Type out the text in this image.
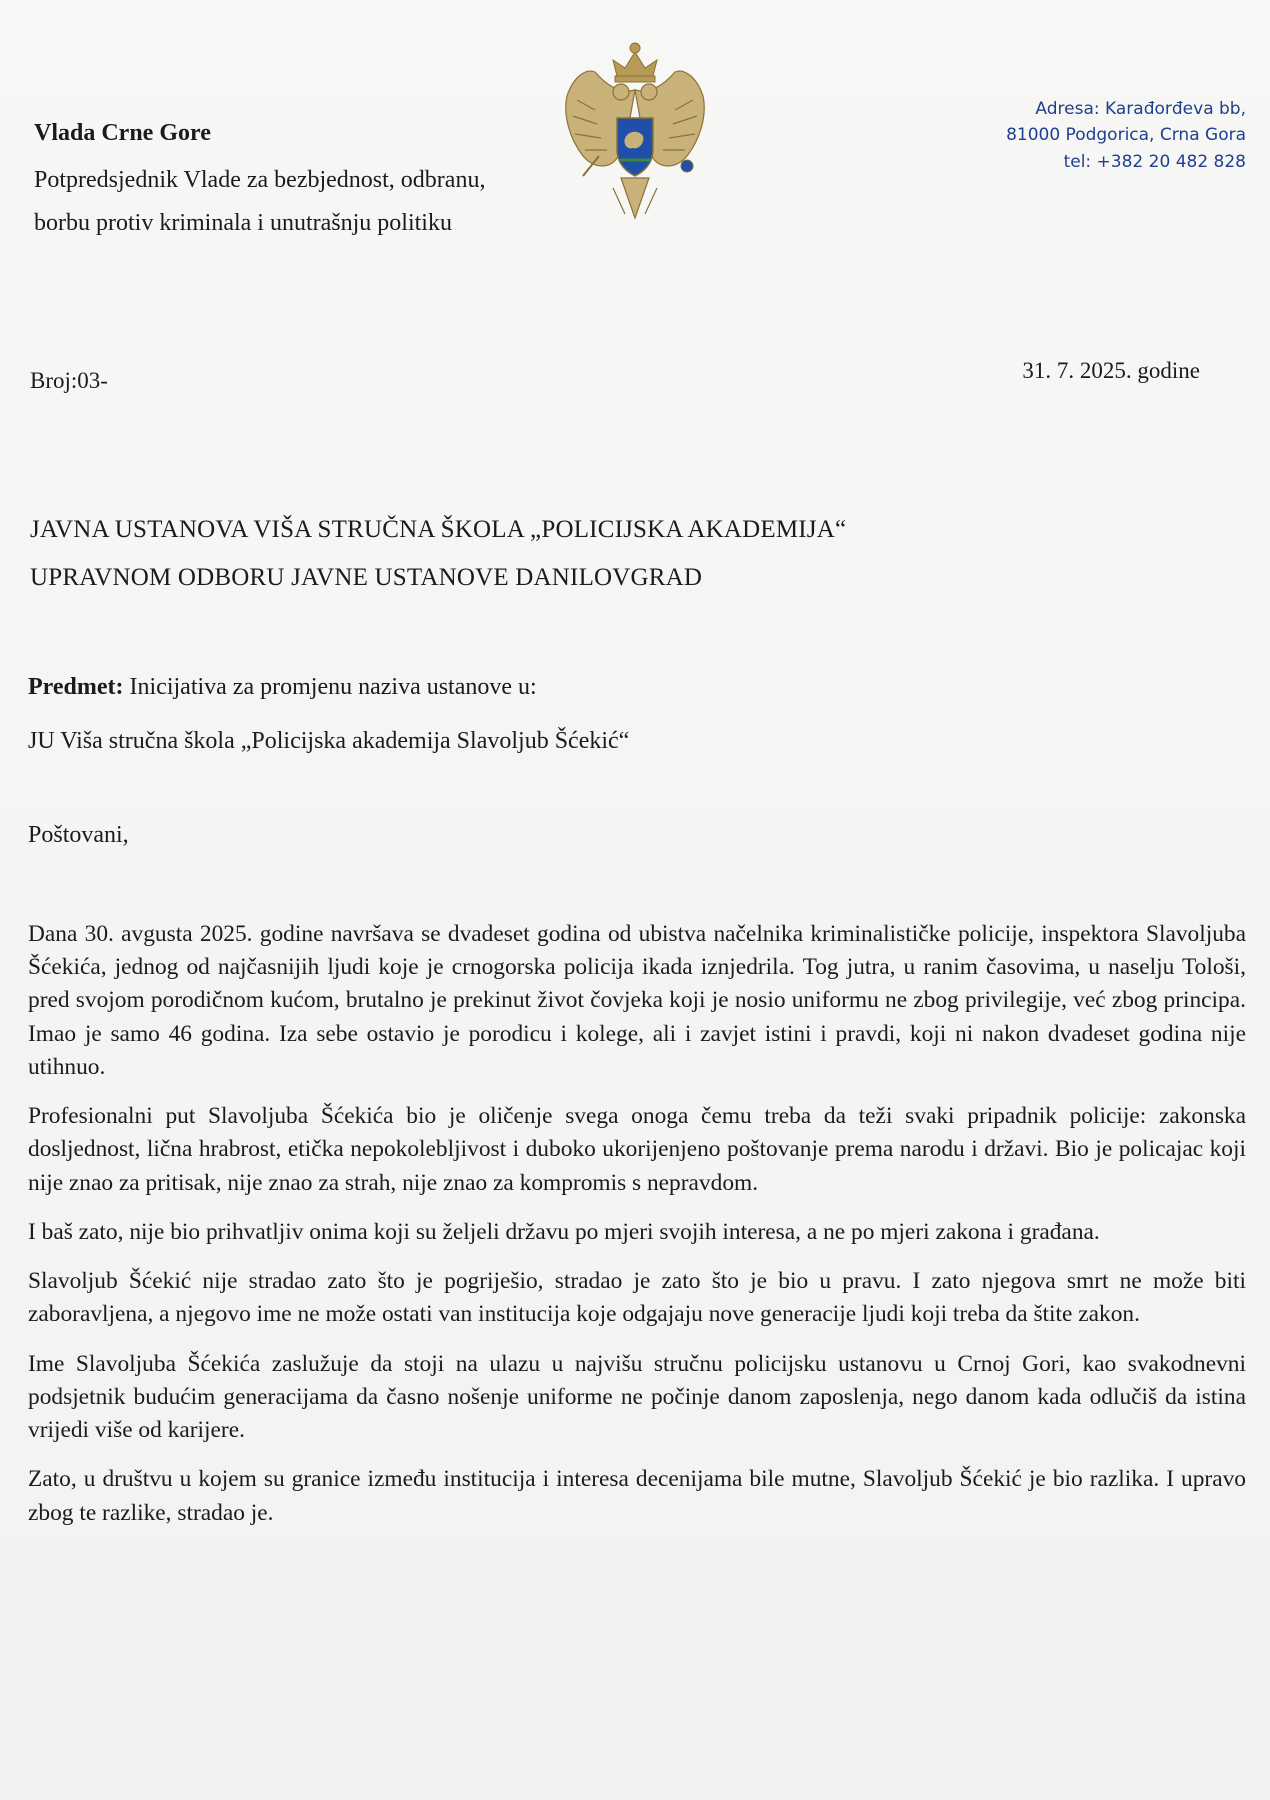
Vlada Crne Gore
Potpredsjednik Vlade za bezbjednost, odbranu,
borbu protiv kriminala i unutrašnju politiku
Adresa: Karađorđeva bb,
81000 Podgorica, Crna Gora
tel: +382 20 482 828
Broj:03-	31. 7. 2025. godine
JAVNA USTANOVA VIŠA STRUČNA ŠKOLA „POLICIJSKA AKADEMIJA“
UPRAVNOM ODBORU JAVNE USTANOVE DANILOVGRAD
Predmet: Inicijativa za promjenu naziva ustanove u:
JU Viša stručna škola „Policijska akademija Slavoljub Šćekić“
Poštovani,

Dana 30. avgusta 2025. godine navršava se dvadeset godina od ubistva načelnika kriminalističke policije, inspektora Slavoljuba Šćekića, jednog od najčasnijih ljudi koje je crnogorska policija ikada iznjedrila. Tog jutra, u ranim časovima, u naselju Tološi, pred svojom porodičnom kućom, brutalno je prekinut život čovjeka koji je nosio uniformu ne zbog privilegije, već zbog principa. Imao je samo 46 godina. Iza sebe ostavio je porodicu i kolege, ali i zavjet istini i pravdi, koji ni nakon dvadeset godina nije utihnuo.

Profesionalni put Slavoljuba Šćekića bio je oličenje svega onoga čemu treba da teži svaki pripadnik policije: zakonska dosljednost, lična hrabrost, etička nepokolebljivost i duboko ukorijenjeno poštovanje prema narodu i državi. Bio je policajac koji nije znao za pritisak, nije znao za strah, nije znao za kompromis s nepravdom.

I baš zato, nije bio prihvatljiv onima koji su željeli državu po mjeri svojih interesa, a ne po mjeri zakona i građana.

Slavoljub Šćekić nije stradao zato što je pogriješio, stradao je zato što je bio u pravu. I zato njegova smrt ne može biti zaboravljena, a njegovo ime ne može ostati van institucija koje odgajaju nove generacije ljudi koji treba da štite zakon.

Ime Slavoljuba Šćekića zaslužuje da stoji na ulazu u najvišu stručnu policijsku ustanovu u Crnoj Gori, kao svakodnevni podsjetnik budućim generacijama da časno nošenje uniforme ne počinje danom zaposlenja, nego danom kada odlučiš da istina vrijedi više od karijere.

Zato, u društvu u kojem su granice između institucija i interesa decenijama bile mutne, Slavoljub Šćekić je bio razlika. I upravo zbog te razlike, stradao je.
